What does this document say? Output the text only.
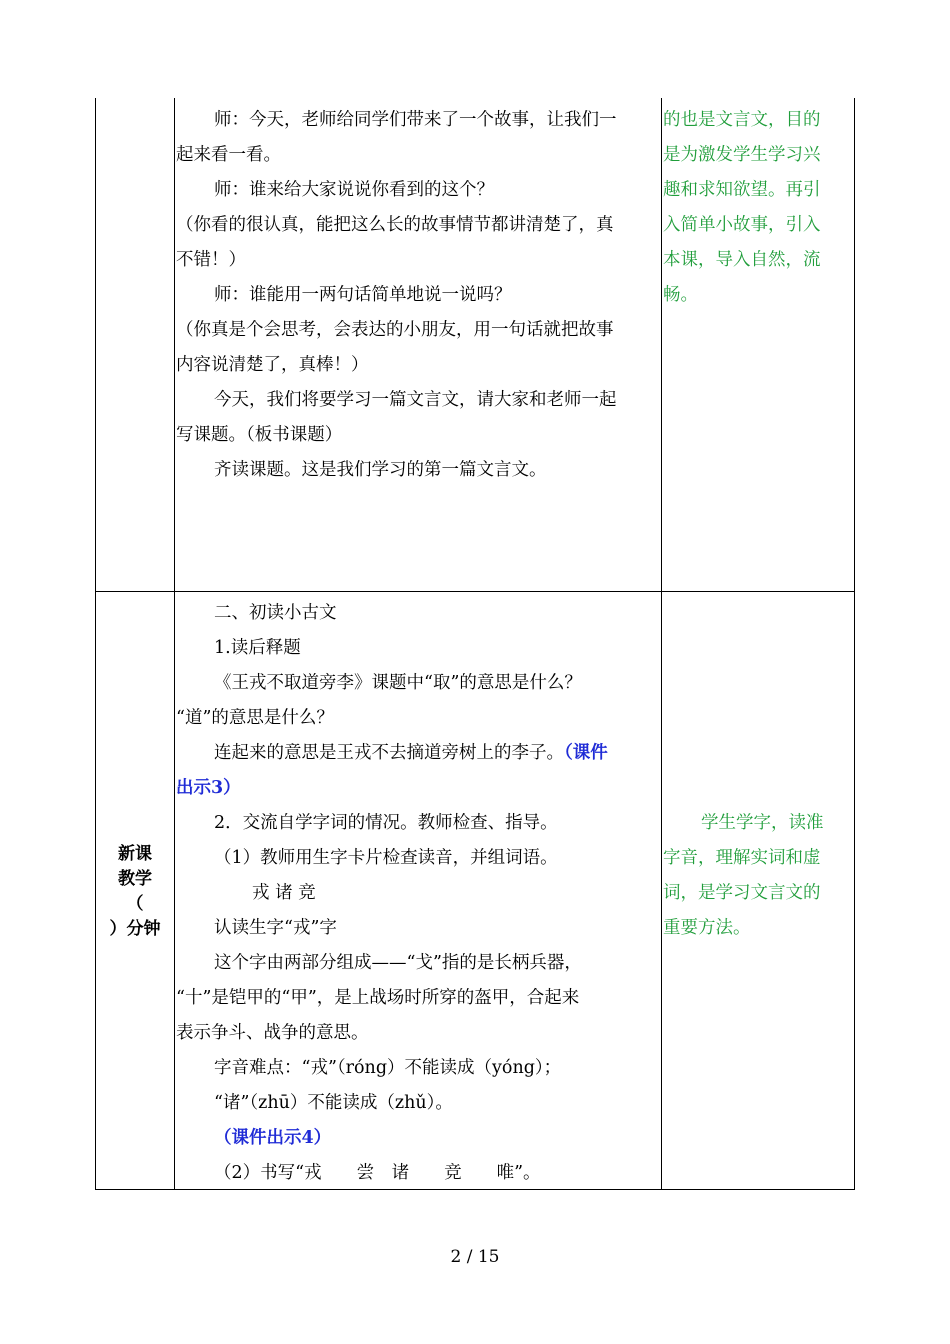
师：今天，老师给同学们带来了一个故事，让我们一
起来看一看。
师：谁来给大家说说你看到的这个？
（你看的很认真，能把这么长的故事情节都讲清楚了，真
不错！）
师：谁能用一两句话简单地说一说吗？
（你真是个会思考，会表达的小朋友，用一句话就把故事
内容说清楚了，真棒！）
今天，我们将要学习一篇文言文，请大家和老师一起
写课题。（板书课题）
齐读课题。这是我们学习的第一篇文言文。
的也是文言文，目的
是为激发学生学习兴
趣和求知欲望。再引
入简单小故事，引入
本课，导入自然，流
畅。
新课
教学
（
）分钟
二、初读小古文
1.读后释题
《王戎不取道旁李》课题中“取”的意思是什么？
“道”的意思是什么？
连起来的意思是王戎不去摘道旁树上的李子。（课件
出示3）
2．交流自学字词的情况。教师检查、指导。
（1）教师用生字卡片检查读音，并组词语。
戎 诸 竞
认读生字“戎”字
这个字由两部分组成——“戈”指的是长柄兵器，
“十”是铠甲的“甲”，是上战场时所穿的盔甲，合起来
表示争斗、战争的意思。
字音难点：“戎”（róng）不能读成（yóng）；
“诸”（zhū）不能读成（zhǔ）。
（课件出示4）
（2）书写“戎　　尝　诸　　竞　　唯”。
学生学字，读准
字音，理解实词和虚
词，是学习文言文的
重要方法。
2 / 15
